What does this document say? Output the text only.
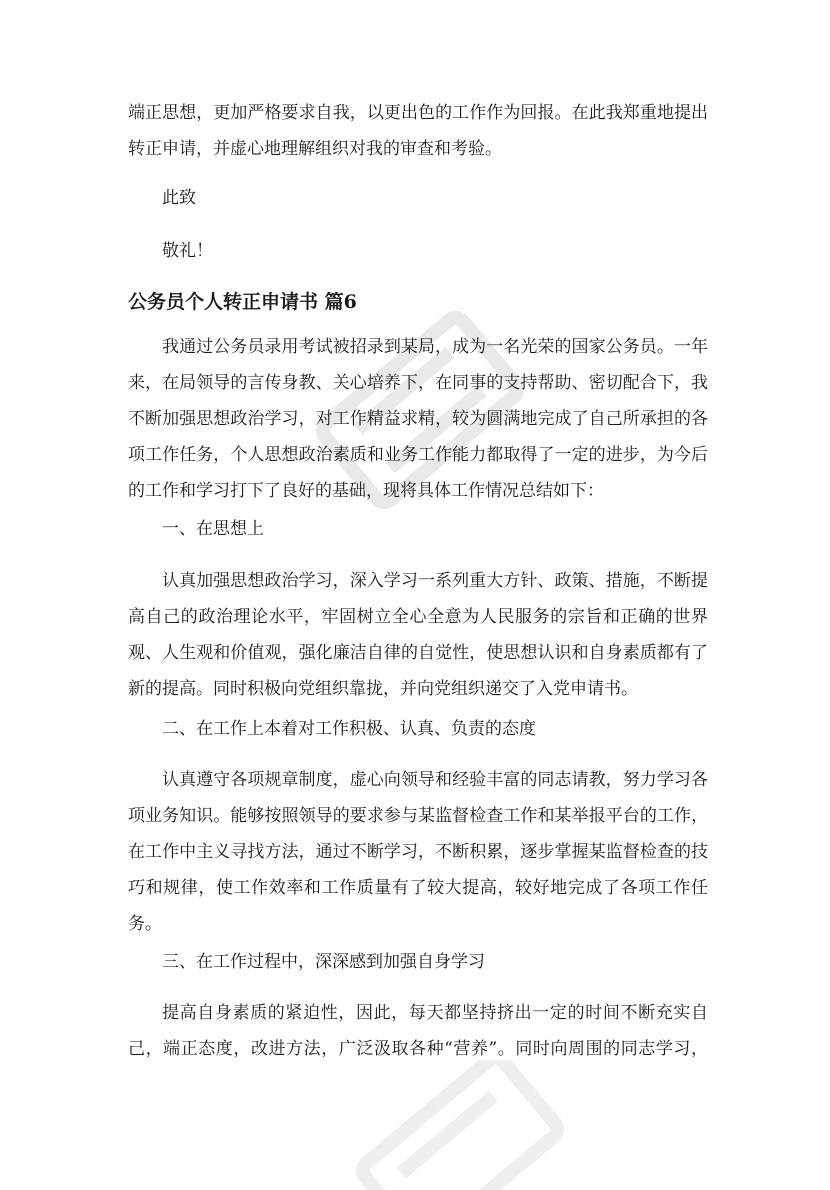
端正思想，更加严格要求自我，以更出色的工作作为回报。在此我郑重地提出
转正申请，并虚心地理解组织对我的审查和考验。
此致
敬礼！
公务员个人转正申请书 篇6
我通过公务员录用考试被招录到某局，成为一名光荣的国家公务员。一年
来，在局领导的言传身教、关心培养下，在同事的支持帮助、密切配合下，我
不断加强思想政治学习，对工作精益求精，较为圆满地完成了自己所承担的各
项工作任务，个人思想政治素质和业务工作能力都取得了一定的进步，为今后
的工作和学习打下了良好的基础，现将具体工作情况总结如下：
一、在思想上
认真加强思想政治学习，深入学习一系列重大方针、政策、措施，不断提
高自己的政治理论水平，牢固树立全心全意为人民服务的宗旨和正确的世界
观、人生观和价值观，强化廉洁自律的自觉性，使思想认识和自身素质都有了
新的提高。同时积极向党组织靠拢，并向党组织递交了入党申请书。
二、在工作上本着对工作积极、认真、负责的态度
认真遵守各项规章制度，虚心向领导和经验丰富的同志请教，努力学习各
项业务知识。能够按照领导的要求参与某监督检查工作和某举报平台的工作，
在工作中主义寻找方法，通过不断学习，不断积累，逐步掌握某监督检查的技
巧和规律，使工作效率和工作质量有了较大提高，较好地完成了各项工作任
务。
三、在工作过程中，深深感到加强自身学习
提高自身素质的紧迫性，因此，每天都坚持挤出一定的时间不断充实自
己，端正态度，改进方法，广泛汲取各种“营养”。同时向周围的同志学习，
